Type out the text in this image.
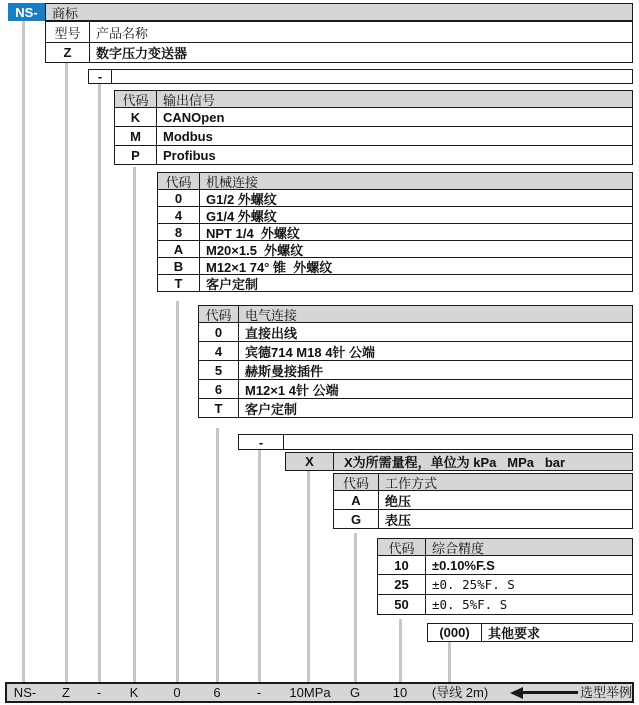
NS-	商标
型号	产品名称
Z	数字压力变送器
-
代码	输出信号
K	CANOpen
M	Modbus
P	Profibus
代码	机械连接
0	G1/2 外螺纹
4	G1/4 外螺纹
8	NPT 1/4  外螺纹
A	M20×1.5  外螺纹
B	M12×1 74° 锥  外螺纹
T	客户定制
代码	电气连接
0	直接出线
4	宾德714 M18 4针 公端
5	赫斯曼接插件
6	M12×1 4针 公端
T	客户定制
-
X	X为所需量程，单位为 kPa   MPa   bar
代码	工作方式
A	绝压
G	表压
代码	综合精度
10	±0.10%F.S
25	±0. 25%F. S
50	±0. 5%F. S
(000)	其他要求
NS- Z - K	0	6	- 10MPa G	10 (导线 2m)	选型举例
